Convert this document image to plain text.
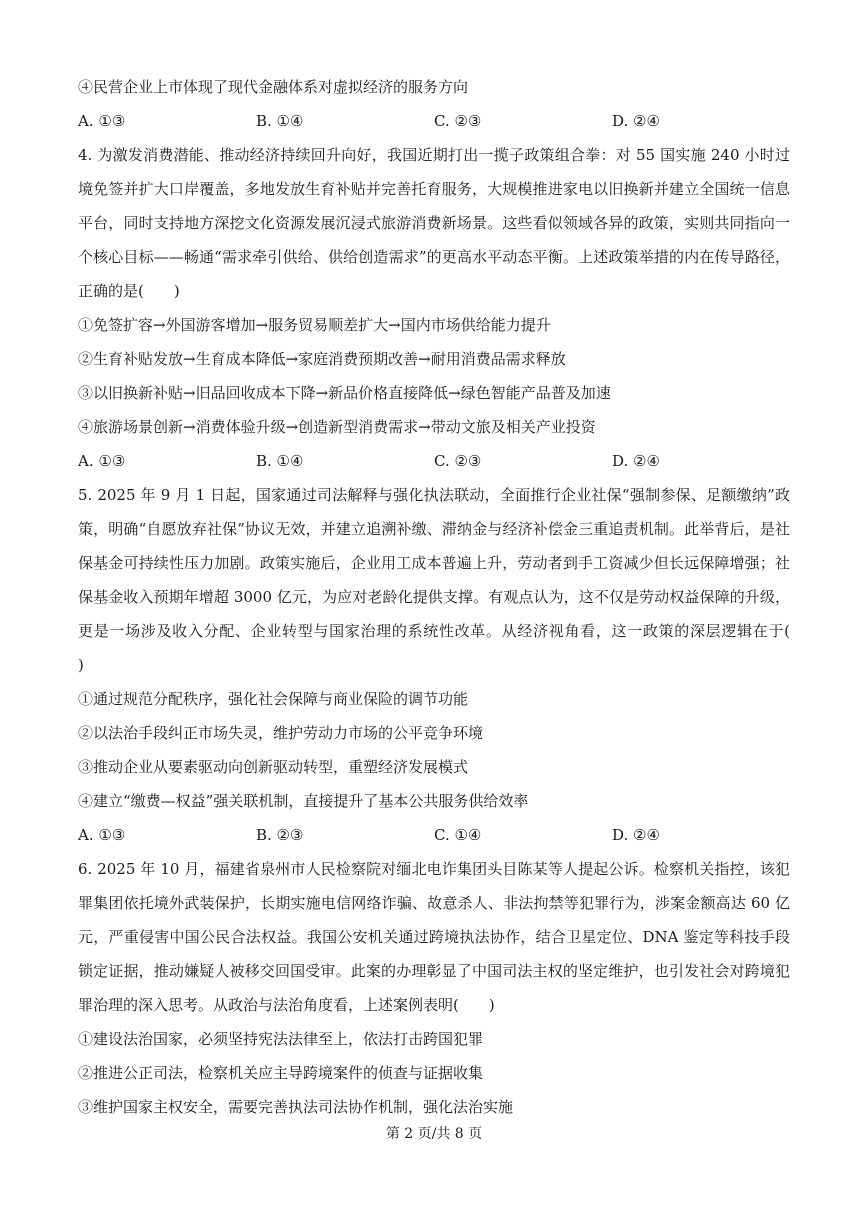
④民营企业上市体现了现代金融体系对虚拟经济的服务方向
A. ①③	B. ①④	C. ②③	D. ②④
4. 为激发消费潜能、推动经济持续回升向好，我国近期打出一揽子政策组合拳：对 55 国实施 240 小时过境免签并扩大口岸覆盖，多地发放生育补贴并完善托育服务，大规模推进家电以旧换新并建立全国统一信息平台，同时支持地方深挖文化资源发展沉浸式旅游消费新场景。这些看似领域各异的政策，实则共同指向一个核心目标——畅通“需求牵引供给、供给创造需求”的更高水平动态平衡。上述政策举措的内在传导路径，正确的是(　　)
①免签扩容→外国游客增加→服务贸易顺差扩大→国内市场供给能力提升
②生育补贴发放→生育成本降低→家庭消费预期改善→耐用消费品需求释放
③以旧换新补贴→旧品回收成本下降→新品价格直接降低→绿色智能产品普及加速
④旅游场景创新→消费体验升级→创造新型消费需求→带动文旅及相关产业投资
A. ①③	B. ①④	C. ②③	D. ②④
5. 2025 年 9 月 1 日起，国家通过司法解释与强化执法联动，全面推行企业社保“强制参保、足额缴纳”政策，明确“自愿放弃社保”协议无效，并建立追溯补缴、滞纳金与经济补偿金三重追责机制。此举背后，是社保基金可持续性压力加剧。政策实施后，企业用工成本普遍上升，劳动者到手工资减少但长远保障增强；社保基金收入预期年增超 3000 亿元，为应对老龄化提供支撑。有观点认为，这不仅是劳动权益保障的升级，更是一场涉及收入分配、企业转型与国家治理的系统性改革。从经济视角看，这一政策的深层逻辑在于(　　)
①通过规范分配秩序，强化社会保障与商业保险的调节功能
②以法治手段纠正市场失灵，维护劳动力市场的公平竞争环境
③推动企业从要素驱动向创新驱动转型，重塑经济发展模式
④建立“缴费—权益”强关联机制，直接提升了基本公共服务供给效率
A. ①③	B. ②③	C. ①④	D. ②④
6. 2025 年 10 月，福建省泉州市人民检察院对缅北电诈集团头目陈某等人提起公诉。检察机关指控，该犯罪集团依托境外武装保护，长期实施电信网络诈骗、故意杀人、非法拘禁等犯罪行为，涉案金额高达 60 亿元，严重侵害中国公民合法权益。我国公安机关通过跨境执法协作，结合卫星定位、DNA 鉴定等科技手段锁定证据，推动嫌疑人被移交回国受审。此案的办理彰显了中国司法主权的坚定维护，也引发社会对跨境犯罪治理的深入思考。从政治与法治角度看，上述案例表明(　　)
①建设法治国家，必须坚持宪法法律至上，依法打击跨国犯罪
②推进公正司法，检察机关应主导跨境案件的侦查与证据收集
③维护国家主权安全，需要完善执法司法协作机制，强化法治实施
第 2 页/共 8 页
